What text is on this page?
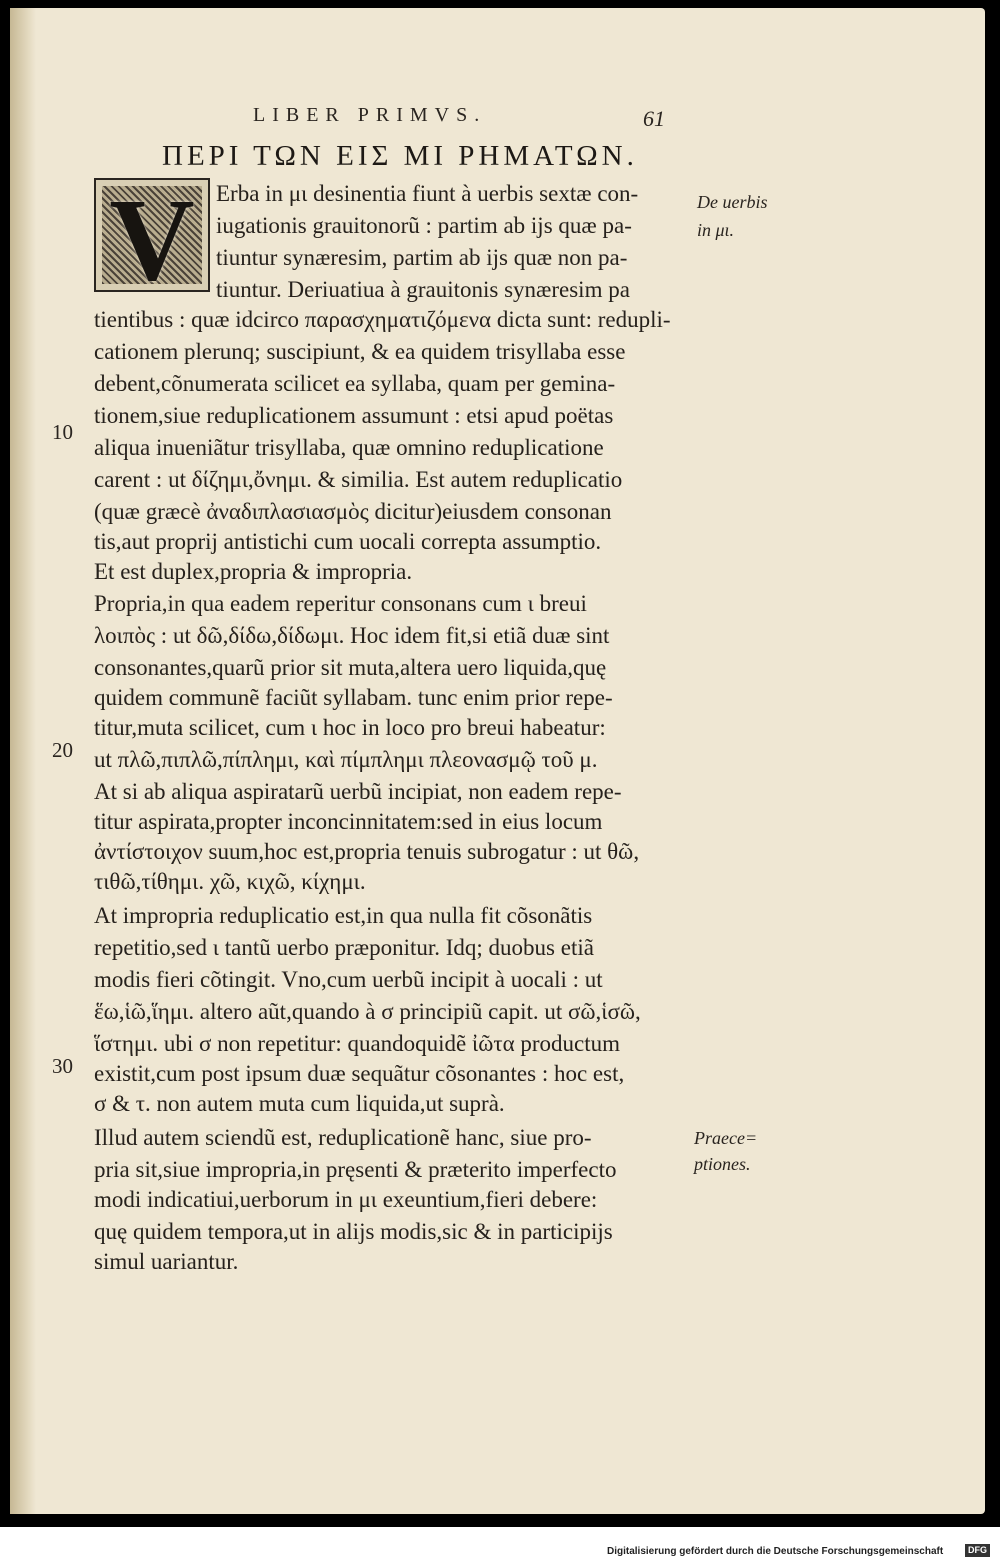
LIBER PRIMVS.	61
ΠΕΡΙ ΤΩΝ ΕΙΣ ΜΙ ΡΗΜΑΤΩΝ.
V Erba in μι desinentia fiunt à uerbis sextæ con-
iugationis grauitonorũ : partim ab ijs quæ pa-
tiuntur synæresim, partim ab ijs quæ non pa-
tiuntur. Deriuatiua à grauitonis synæresim pa
tientibus : quæ idcirco παρασχηματιζόμενα dicta sunt: redupli-
cationem plerunq; suscipiunt, & ea quidem trisyllaba esse
debent,cõnumerata scilicet ea syllaba, quam per gemina-
tionem,siue reduplicationem assumunt : etsi apud poëtas
aliqua inueniãtur trisyllaba, quæ omnino reduplicatione
carent : ut δίζημι,ὄνημι. & similia. Est autem reduplicatio
(quæ græcè ἀναδιπλασιασμὸς dicitur)eiusdem consonan
tis,aut proprij antistichi cum uocali correpta assumptio.
Et est duplex,propria & impropria.
Propria,in qua eadem reperitur consonans cum ι breui
λοιπὸς : ut δῶ,δίδω,δίδωμι. Hoc idem fit,si etiã duæ sint
consonantes,quarũ prior sit muta,altera uero liquida,quę
quidem communẽ faciũt syllabam. tunc enim prior repe-
titur,muta scilicet, cum ι hoc in loco pro breui habeatur:
ut πλῶ,πιπλῶ,πίπλημι, καὶ πίμπλημι πλεονασμῷ τοῦ μ.
At si ab aliqua aspiratarũ uerbũ incipiat, non eadem repe-
titur aspirata,propter inconcinnitatem:sed in eius locum
ἀντίστοιχον suum,hoc est,propria tenuis subrogatur : ut θῶ,
τιθῶ,τίθημι. χῶ, κιχῶ, κίχημι.
At impropria reduplicatio est,in qua nulla fit cõsonãtis
repetitio,sed ι tantũ uerbo præponitur. Idq; duobus etiã
modis fieri cõtingit. Vno,cum uerbũ incipit à uocali : ut
ἕω,ἱῶ,ἵημι. altero aũt,quando à σ principiũ capit. ut σῶ,ἱσῶ,
ἵστημι. ubi σ non repetitur: quandoquidẽ ἰῶτα productum
existit,cum post ipsum duæ sequãtur cõsonantes : hoc est,
σ & τ. non autem muta cum liquida,ut suprà.
Illud autem sciendũ est, reduplicationẽ hanc, siue pro-
pria sit,siue impropria,in pręsenti & præterito imperfecto
modi indicatiui,uerborum in μι exeuntium,fieri debere:
quę quidem tempora,ut in alijs modis,sic & in participijs
simul uariantur.
De uerbis
in μι.
Praece=
ptiones.
10
20
30
Digitalisierung gefördert durch die Deutsche Forschungsgemeinschaft	DFG
